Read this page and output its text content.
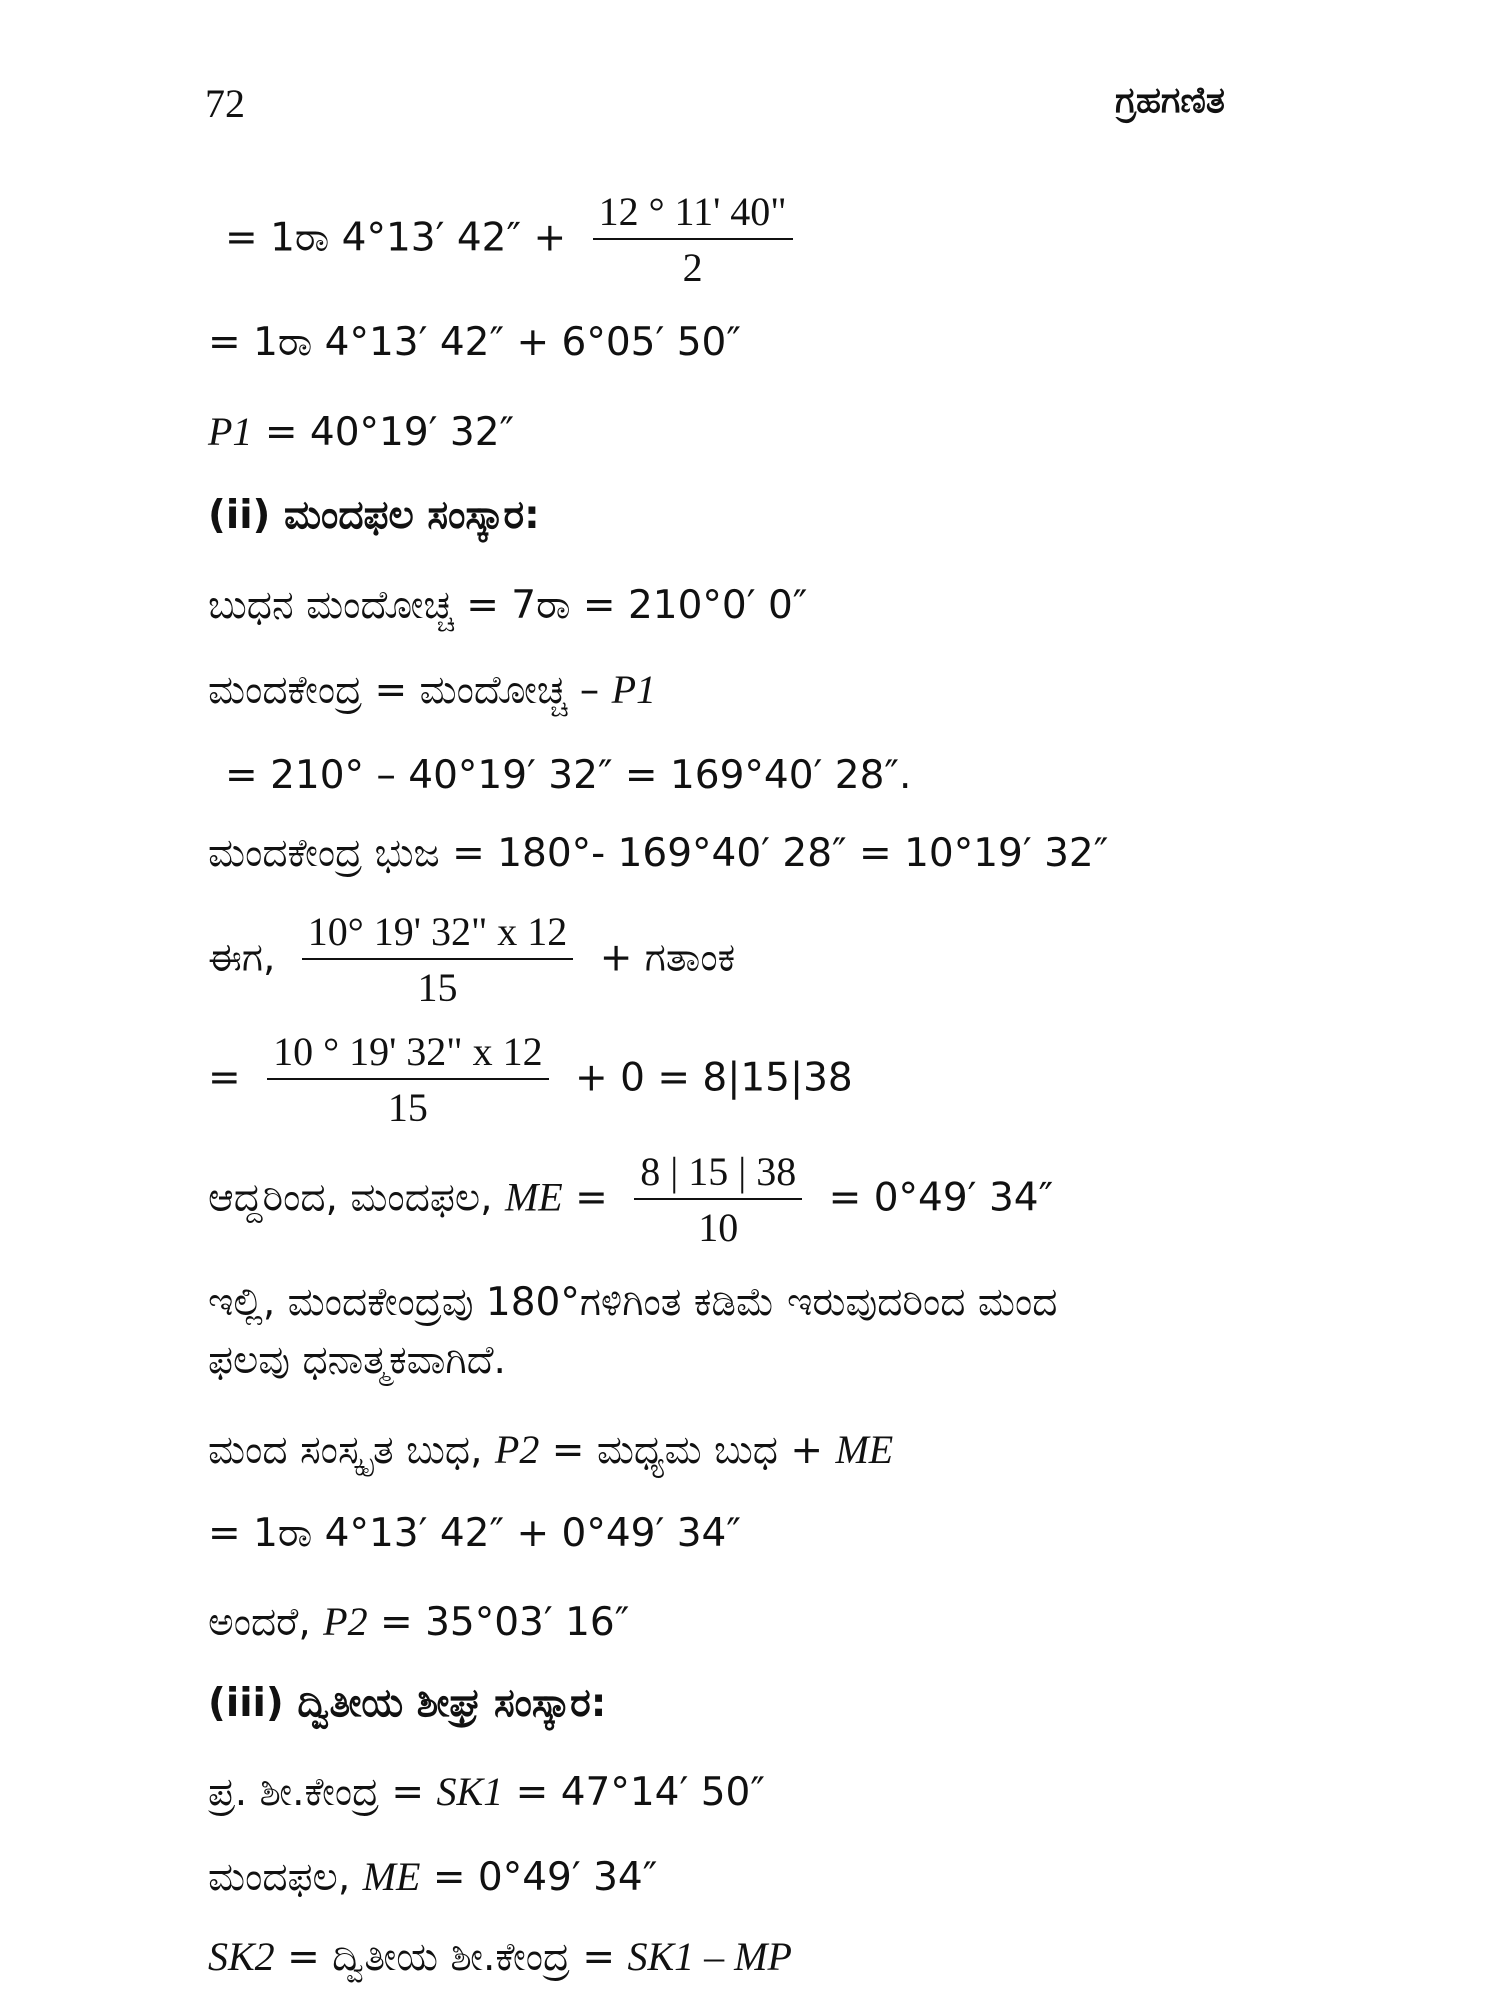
72	ಗ್ರಹಗಣಿತ
= 1ರಾ 4°13′ $42'' + \frac{12 ^\circ 11' 40"}{2}$
= 1ರಾ 4°13′ 42″ + 6°05′ 50″
P1 = 40°19′ 32″
(ii) ಮಂದಫಲ ಸಂಸ್ಕಾರ:
ಬುಧನ ಮಂದೋಚ್ಚ = 7ರಾ = 210°0′ 0″
ಮಂದಕೇಂದ್ರ = ಮಂದೋಚ್ಚ – P1
= 210° – 40°19′ 32″ = 169°40′ 28″.
ಮಂದಕೇಂದ್ರ ಭುಜ = 180°- 169°40′ 28″ = 10°19′ 32″
ಈಗ, $\frac{10^\circ 19' 32" x 12}{15}$ + ಗತಾಂಕ
= $\frac{10 ^\circ 19' 32" x 12}{15} + 0 = 8|15|38$
ಆದ್ದರಿಂದ, ಮಂದಫಲ, ME = $\frac{8 | 15 | 38}{10} = 0^\circ 49'$ 34″
ಇಲ್ಲಿ, ಮಂದಕೇಂದ್ರವು 180°ಗಳಿಗಿಂತ ಕಡಿಮೆ ಇರುವುದರಿಂದ ಮಂದ
ಫಲವು ಧನಾತ್ಮಕವಾಗಿದೆ.
ಮಂದ ಸಂಸ್ಕೃತ ಬುಧ, P2 = ಮಧ್ಯಮ ಬುಧ + ME
= 1ರಾ 4°13′ 42″ + 0°49′ 34″
ಅಂದರೆ, P2 = 35°03′ 16″
(iii) ದ್ವಿತೀಯ ಶೀಘ್ರ ಸಂಸ್ಕಾರ:
ಪ್ರ. ಶೀ.ಕೇಂದ್ರ = SK1 = 47°14′ 50″
ಮಂದಫಲ, ME = 0°49′ 34″
SK2 = ದ್ವಿತೀಯ ಶೀ.ಕೇಂದ್ರ = SK1 – MP
